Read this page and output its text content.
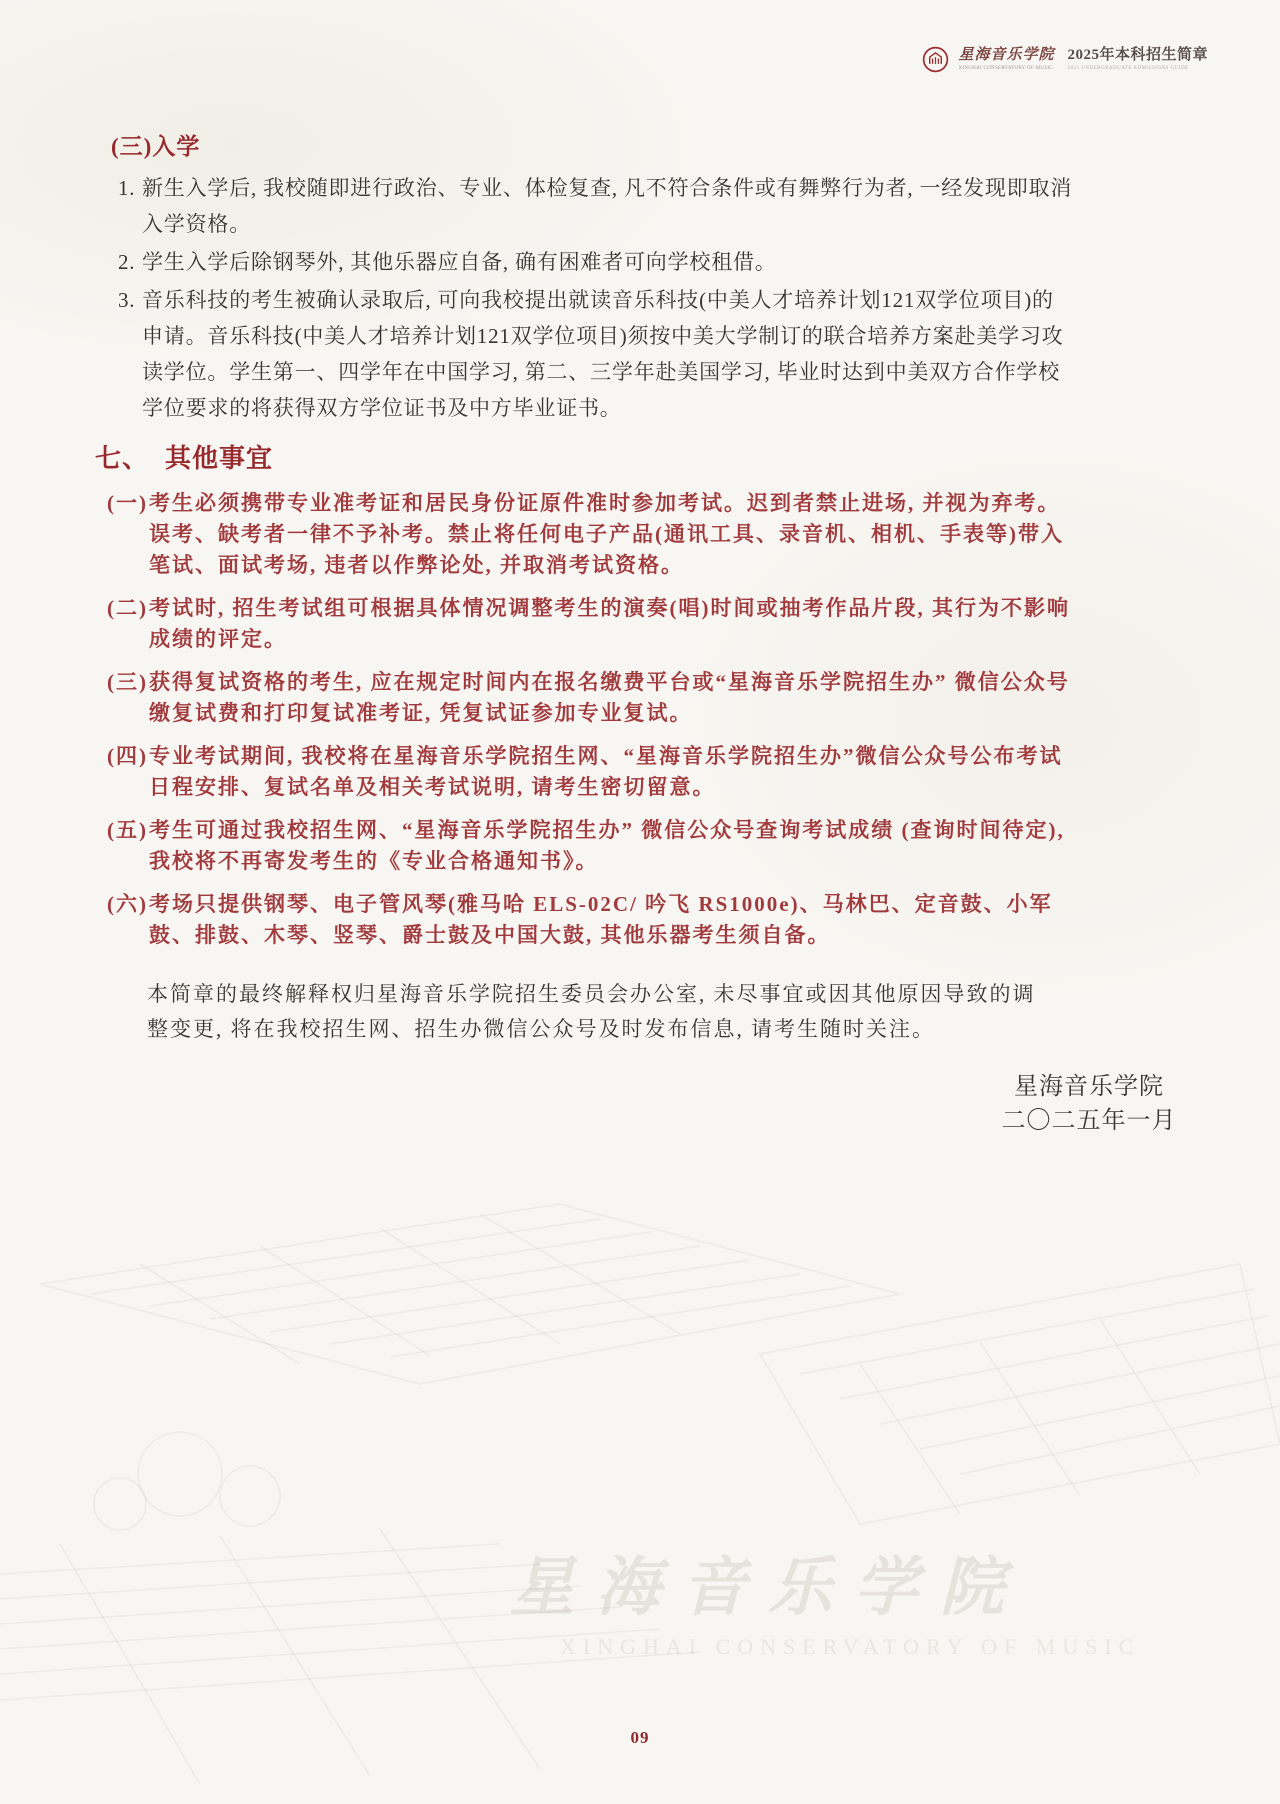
星海音乐学院
XINGHAI CONSERVATORY OF MUSIC
星海音乐学院
XINGHAI CONSERVATORY OF MUSIC
2025年本科招生简章
2025 UNDERGRADUATE ADMISSIONS GUIDE
(三)入学
1. 新生入学后, 我校随即进行政治、专业、体检复查, 凡不符合条件或有舞弊行为者, 一经发现即取消入学资格。
2. 学生入学后除钢琴外, 其他乐器应自备, 确有困难者可向学校租借。
3. 音乐科技的考生被确认录取后, 可向我校提出就读音乐科技(中美人才培养计划121双学位项目)的申请。音乐科技(中美人才培养计划121双学位项目)须按中美大学制订的联合培养方案赴美学习攻读学位。学生第一、四学年在中国学习, 第二、三学年赴美国学习, 毕业时达到中美双方合作学校学位要求的将获得双方学位证书及中方毕业证书。
七、 其他事宜
(一) 考生必须携带专业准考证和居民身份证原件准时参加考试。迟到者禁止进场, 并视为弃考。误考、缺考者一律不予补考。禁止将任何电子产品(通讯工具、录音机、相机、手表等)带入笔试、面试考场, 违者以作弊论处, 并取消考试资格。
(二) 考试时, 招生考试组可根据具体情况调整考生的演奏(唱)时间或抽考作品片段, 其行为不影响成绩的评定。
(三) 获得复试资格的考生, 应在规定时间内在报名缴费平台或“星海音乐学院招生办” 微信公众号缴复试费和打印复试准考证, 凭复试证参加专业复试。
(四) 专业考试期间, 我校将在星海音乐学院招生网、“星海音乐学院招生办”微信公众号公布考试日程安排、复试名单及相关考试说明, 请考生密切留意。
(五) 考生可通过我校招生网、“星海音乐学院招生办” 微信公众号查询考试成绩 (查询时间待定), 我校将不再寄发考生的《专业合格通知书》。
(六) 考场只提供钢琴、电子管风琴(雅马哈 ELS-02C/ 吟飞 RS1000e)、马林巴、定音鼓、小军鼓、排鼓、木琴、竖琴、爵士鼓及中国大鼓, 其他乐器考生须自备。

本简章的最终解释权归星海音乐学院招生委员会办公室, 未尽事宜或因其他原因导致的调整变更, 将在我校招生网、招生办微信公众号及时发布信息, 请考生随时关注。

星海音乐学院
二〇二五年一月
09
